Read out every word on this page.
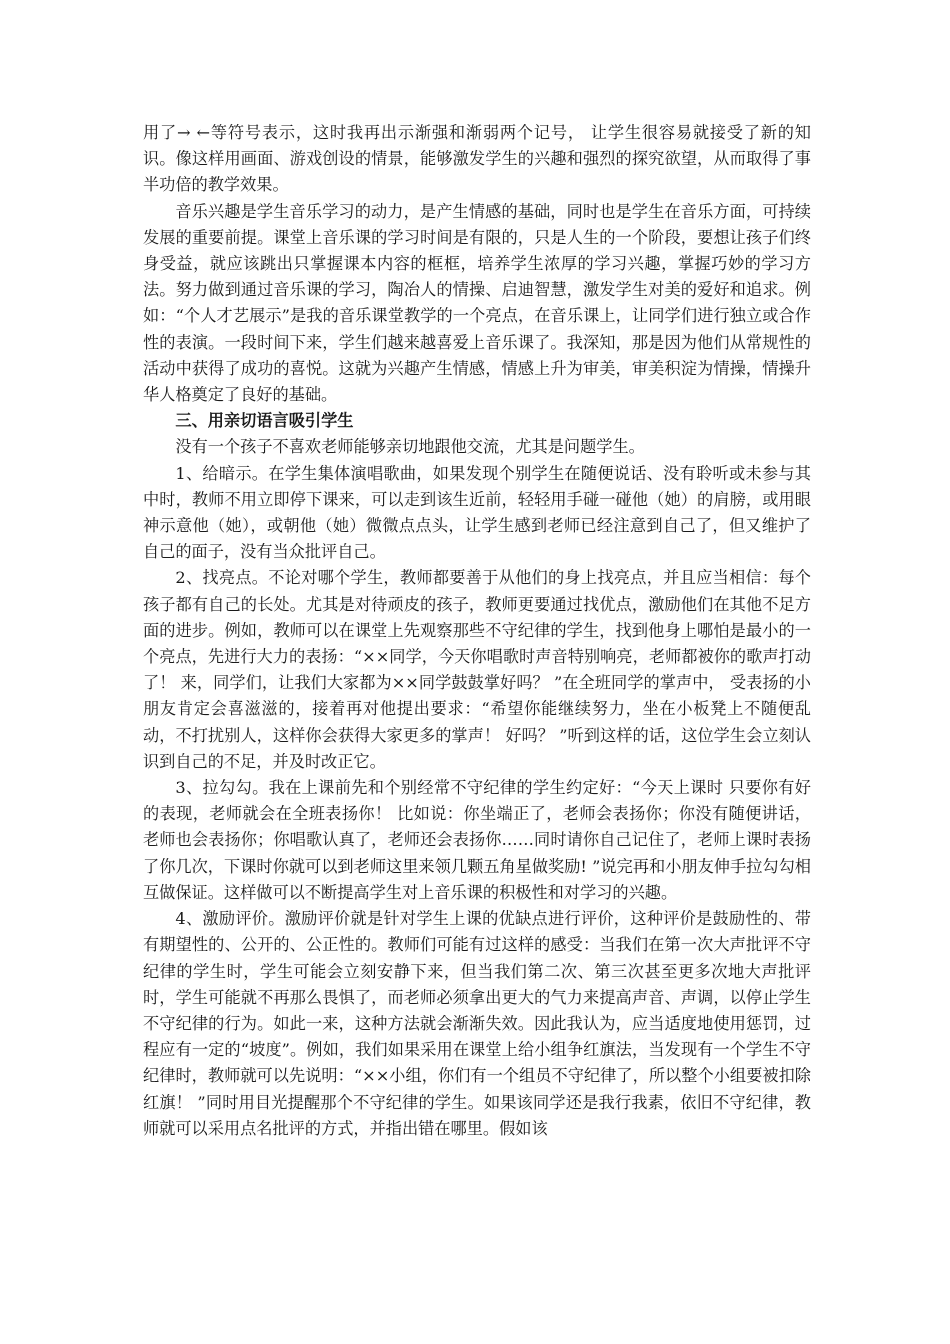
用了→ ←等符号表示，这时我再出示渐强和渐弱两个记号， 让学生很容易就接受了新的知识。像这样用画面、游戏创设的情景，能够激发学生的兴趣和强烈的探究欲望，从而取得了事半功倍的教学效果。

音乐兴趣是学生音乐学习的动力，是产生情感的基础，同时也是学生在音乐方面，可持续发展的重要前提。课堂上音乐课的学习时间是有限的，只是人生的一个阶段，要想让孩子们终身受益，就应该跳出只掌握课本内容的框框，培养学生浓厚的学习兴趣，掌握巧妙的学习方法。努力做到通过音乐课的学习，陶冶人的情操、启迪智慧，激发学生对美的爱好和追求。例如：“个人才艺展示”是我的音乐课堂教学的一个亮点，在音乐课上，让同学们进行独立或合作性的表演。一段时间下来，学生们越来越喜爱上音乐课了。我深知，那是因为他们从常规性的活动中获得了成功的喜悦。这就为兴趣产生情感，情感上升为审美，审美积淀为情操，情操升华人格奠定了良好的基础。

三、用亲切语言吸引学生

没有一个孩子不喜欢老师能够亲切地跟他交流，尤其是问题学生。

1、给暗示。在学生集体演唱歌曲，如果发现个别学生在随便说话、没有聆听或未参与其中时，教师不用立即停下课来，可以走到该生近前，轻轻用手碰一碰他（她）的肩膀，或用眼神示意他（她），或朝他（她）微微点点头，让学生感到老师已经注意到自己了，但又维护了自己的面子，没有当众批评自己。

2、找亮点。不论对哪个学生，教师都要善于从他们的身上找亮点，并且应当相信：每个孩子都有自己的长处。尤其是对待顽皮的孩子，教师更要通过找优点，激励他们在其他不足方面的进步。例如，教师可以在课堂上先观察那些不守纪律的学生，找到他身上哪怕是最小的一个亮点，先进行大力的表扬：“××同学，今天你唱歌时声音特别响亮，老师都被你的歌声打动了！ 来，同学们，让我们大家都为××同学鼓鼓掌好吗？ ”在全班同学的掌声中， 受表扬的小朋友肯定会喜滋滋的，接着再对他提出要求：“希望你能继续努力，坐在小板凳上不随便乱动，不打扰别人，这样你会获得大家更多的掌声！ 好吗？ ”听到这样的话，这位学生会立刻认识到自己的不足，并及时改正它。

3、拉勾勾。我在上课前先和个别经常不守纪律的学生约定好：“今天上课时 只要你有好的表现，老师就会在全班表扬你！ 比如说：你坐端正了，老师会表扬你；你没有随便讲话，老师也会表扬你；你唱歌认真了，老师还会表扬你……同时请你自己记住了，老师上课时表扬了你几次，下课时你就可以到老师这里来领几颗五角星做奖励! ”说完再和小朋友伸手拉勾勾相互做保证。这样做可以不断提高学生对上音乐课的积极性和对学习的兴趣。

4、激励评价。激励评价就是针对学生上课的优缺点进行评价，这种评价是鼓励性的、带有期望性的、公开的、公正性的。教师们可能有过这样的感受：当我们在第一次大声批评不守纪律的学生时，学生可能会立刻安静下来，但当我们第二次、第三次甚至更多次地大声批评时，学生可能就不再那么畏惧了，而老师必须拿出更大的气力来提高声音、声调，以停止学生不守纪律的行为。如此一来，这种方法就会渐渐失效。因此我认为，应当适度地使用惩罚，过程应有一定的“坡度”。例如，我们如果采用在课堂上给小组争红旗法，当发现有一个学生不守纪律时，教师就可以先说明：“××小组，你们有一个组员不守纪律了，所以整个小组要被扣除红旗！ ”同时用目光提醒那个不守纪律的学生。如果该同学还是我行我素，依旧不守纪律，教师就可以采用点名批评的方式，并指出错在哪里。假如该
